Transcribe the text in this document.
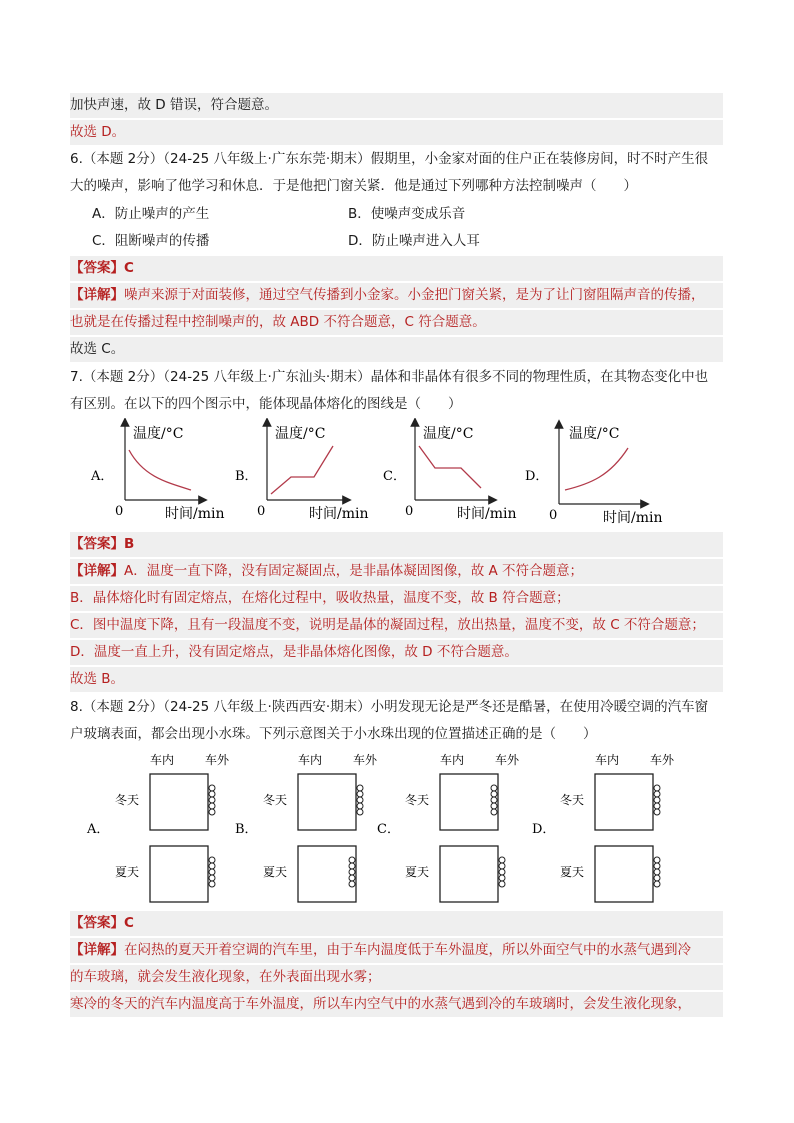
加快声速，故 D 错误，符合题意。
故选 D。
6.（本题 2分）（24-25 八年级上·广东东莞·期末）假期里，小金家对面的住户正在装修房间，时不时产生很
大的噪声，影响了他学习和休息．于是他把门窗关紧．他是通过下列哪种方法控制噪声（　　）
A．防止噪声的产生	B．使噪声变成乐音
C．阻断噪声的传播	D．防止噪声进入人耳
【答案】C
【详解】噪声来源于对面装修，通过空气传播到小金家。小金把门窗关紧，是为了让门窗阻隔声音的传播，
也就是在传播过程中控制噪声的，故 ABD 不符合题意，C 符合题意。
故选 C。
7.（本题 2分）（24-25 八年级上·广东汕头·期末）晶体和非晶体有很多不同的物理性质，在其物态变化中也
有区别。在以下的四个图示中，能体现晶体熔化的图线是（　　）
A．
温度/°C
0	时间/min
B．
温度/°C
0	时间/min
C．
温度/°C
0	时间/min
D．
温度/°C
0	时间/min
【答案】B
【详解】A．温度一直下降，没有固定凝固点，是非晶体凝固图像，故 A 不符合题意；
B．晶体熔化时有固定熔点，在熔化过程中，吸收热量，温度不变，故 B 符合题意；
C．图中温度下降，且有一段温度不变，说明是晶体的凝固过程，放出热量，温度不变，故 C 不符合题意；
D．温度一直上升，没有固定熔点，是非晶体熔化图像，故 D 不符合题意。
故选 B。
8.（本题 2分）（24-25 八年级上·陕西西安·期末）小明发现无论是严冬还是酷暑，在使用冷暖空调的汽车窗
户玻璃表面，都会出现小水珠。下列示意图关于小水珠出现的位置描述正确的是（　　）
A．
车内	车外
冬天
夏天
B．
车内	车外
冬天
夏天
C．
车内	车外
冬天
夏天
D．
车内	车外
冬天
夏天
【答案】C
【详解】在闷热的夏天开着空调的汽车里，由于车内温度低于车外温度，所以外面空气中的水蒸气遇到冷
的车玻璃，就会发生液化现象，在外表面出现水雾；
寒冷的冬天的汽车内温度高于车外温度，所以车内空气中的水蒸气遇到冷的车玻璃时，会发生液化现象，
